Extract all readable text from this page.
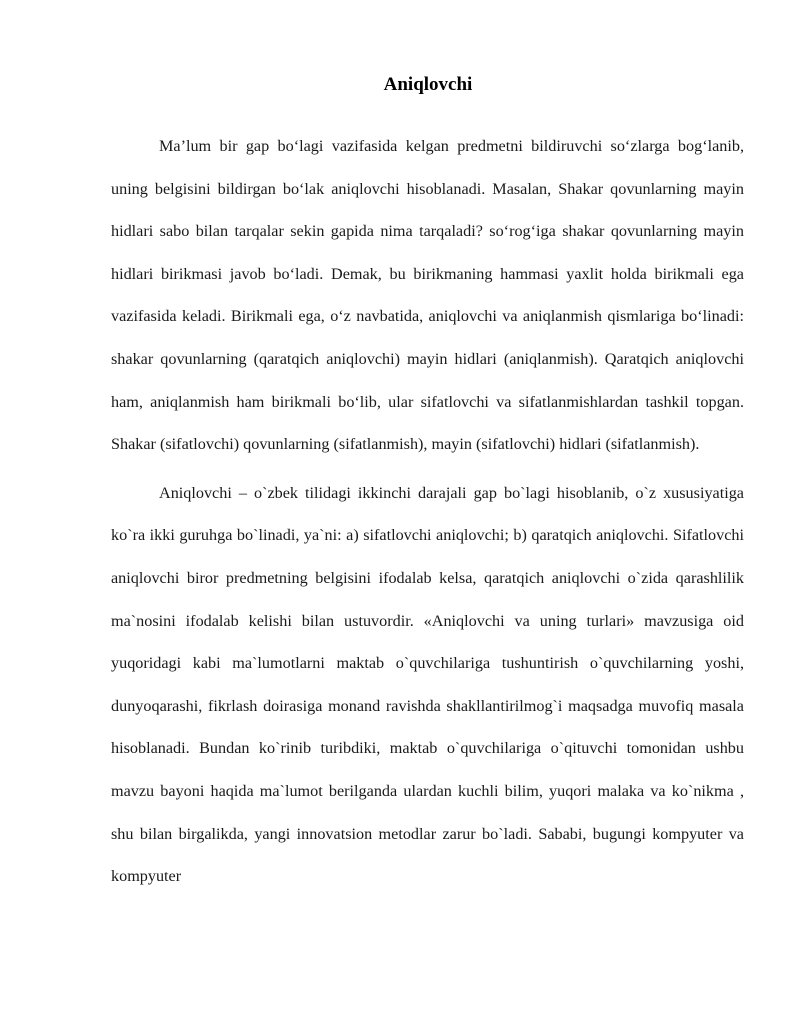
Aniqlovchi

Ma’lum bir gap bo‘lagi vazifasida kelgan predmetni bildiruvchi so‘zlarga bog‘lanib, uning belgisini bildirgan bo‘lak aniqlovchi hisoblanadi. Masalan, Shakar qovunlarning mayin hidlari sabo bilan tarqalar sekin gapida nima tarqaladi? so‘rog‘iga shakar qovunlarning mayin hidlari birikmasi javob bo‘ladi. Demak, bu birikmaning hammasi yaxlit holda birikmali ega vazifasida keladi. Birikmali ega, o‘z navbatida, aniqlovchi va aniqlanmish qismlariga bo‘linadi: shakar qovunlarning (qaratqich aniqlovchi) mayin hidlari (aniqlanmish). Qaratqich aniqlovchi ham, aniqlanmish ham birikmali bo‘lib, ular sifatlovchi va sifatlanmishlardan tashkil topgan. Shakar (sifatlovchi) qovunlarning (sifatlanmish), mayin (sifatlovchi) hidlari (sifatlanmish).

Aniqlovchi – o`zbek tilidagi ikkinchi darajali gap bo`lagi hisoblanib, o`z xususiyatiga ko`ra ikki guruhga bo`linadi, ya`ni: a) sifatlovchi aniqlovchi; b) qaratqich aniqlovchi. Sifatlovchi aniqlovchi biror predmetning belgisini ifodalab kelsa, qaratqich aniqlovchi o`zida qarashlilik ma`nosini ifodalab kelishi bilan ustuvordir. «Aniqlovchi va uning turlari» mavzusiga oid yuqoridagi kabi ma`lumotlarni maktab o`quvchilariga tushuntirish o`quvchilarning yoshi, dunyoqarashi, fikrlash doirasiga monand ravishda shakllantirilmog`i maqsadga muvofiq masala hisoblanadi. Bundan ko`rinib turibdiki, maktab o`quvchilariga o`qituvchi tomonidan ushbu mavzu bayoni haqida ma`lumot berilganda ulardan kuchli bilim, yuqori malaka va ko`nikma , shu bilan birgalikda, yangi innovatsion metodlar zarur bo`ladi. Sababi, bugungi kompyuter va kompyuter
